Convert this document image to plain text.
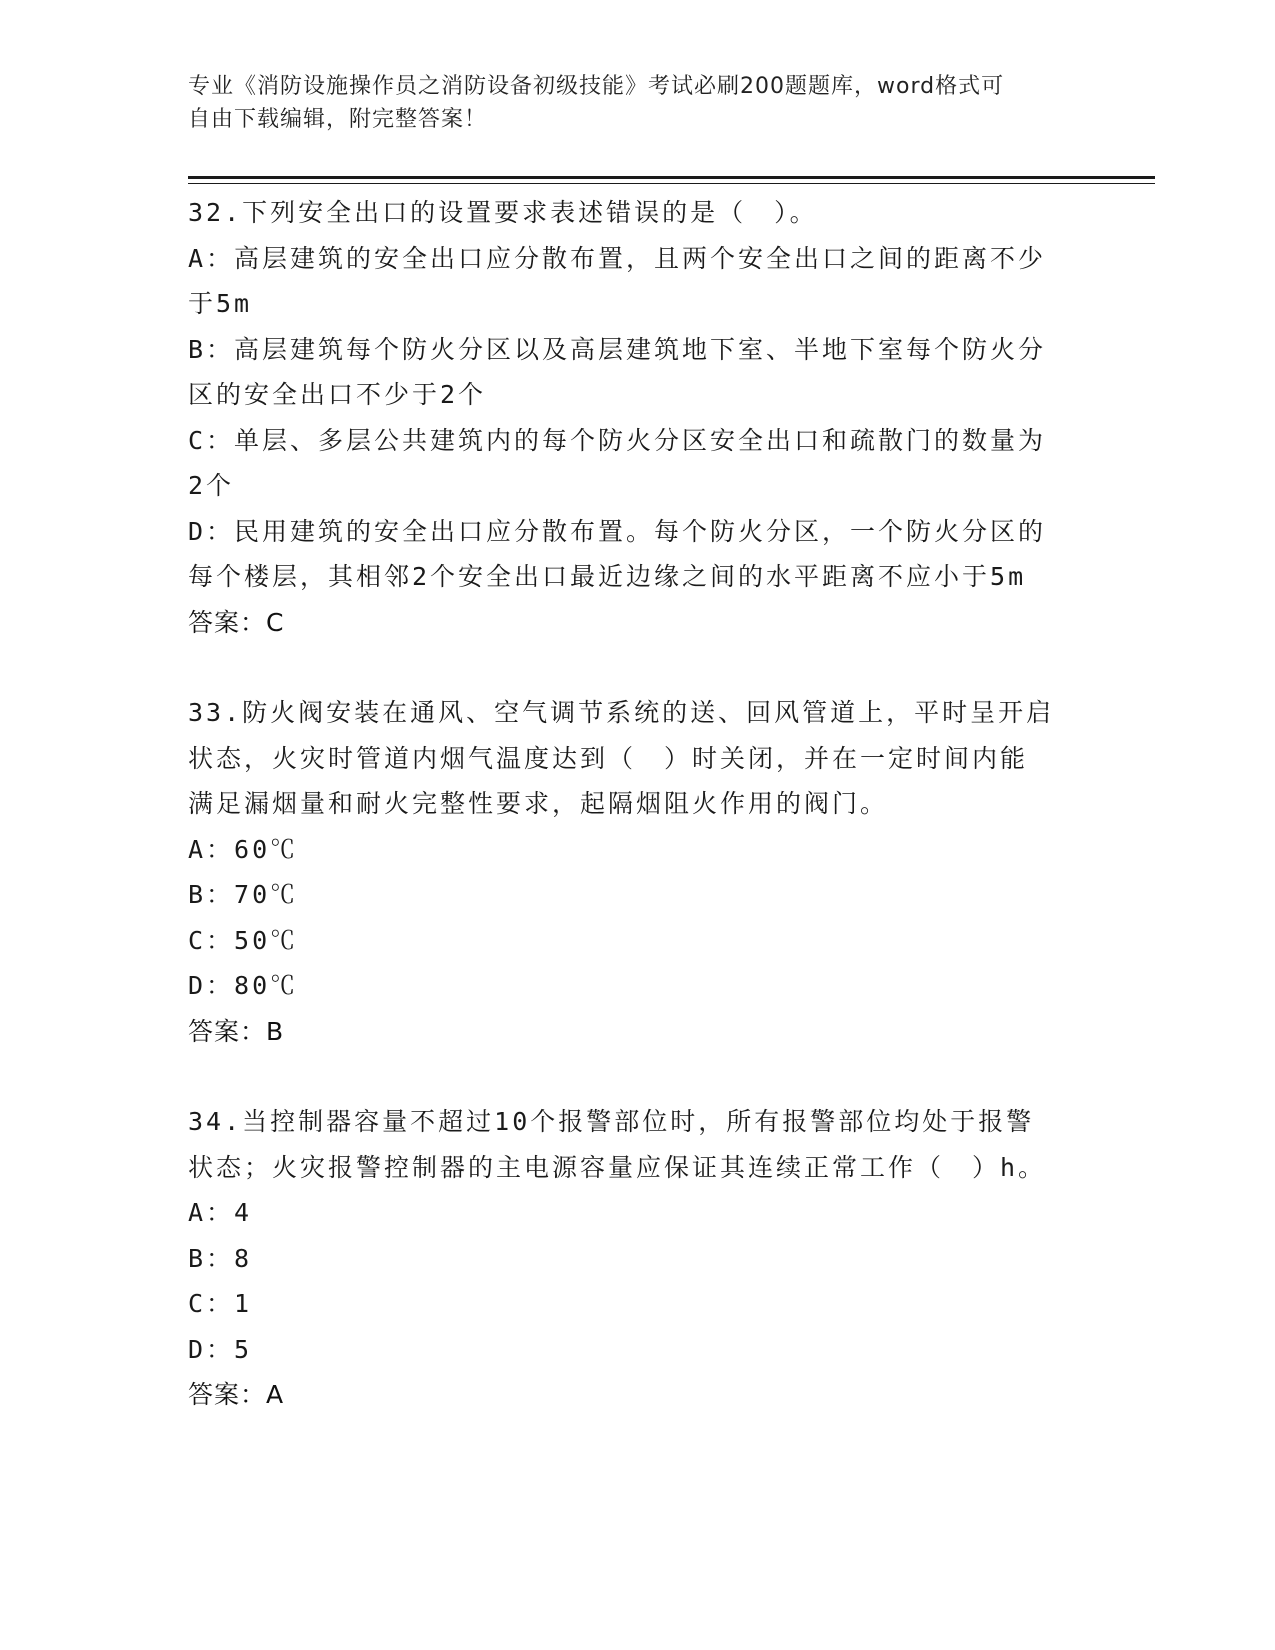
专业《消防设施操作员之消防设备初级技能》考试必刷200题题库，word格式可
自由下载编辑，附完整答案！
32.下列安全出口的设置要求表述错误的是（　）。
A：高层建筑的安全出口应分散布置，且两个安全出口之间的距离不少
于5m
B：高层建筑每个防火分区以及高层建筑地下室、半地下室每个防火分
区的安全出口不少于2个
C：单层、多层公共建筑内的每个防火分区安全出口和疏散门的数量为
2个
D：民用建筑的安全出口应分散布置。每个防火分区，一个防火分区的
每个楼层，其相邻2个安全出口最近边缘之间的水平距离不应小于5m
答案：C
33.防火阀安装在通风、空气调节系统的送、回风管道上，平时呈开启
状态，火灾时管道内烟气温度达到（　）时关闭，并在一定时间内能
满足漏烟量和耐火完整性要求，起隔烟阻火作用的阀门。
A：60℃
B：70℃
C：50℃
D：80℃
答案：B
34.当控制器容量不超过10个报警部位时，所有报警部位均处于报警
状态；火灾报警控制器的主电源容量应保证其连续正常工作（　）h。
A：4
B：8
C：1
D：5
答案：A
